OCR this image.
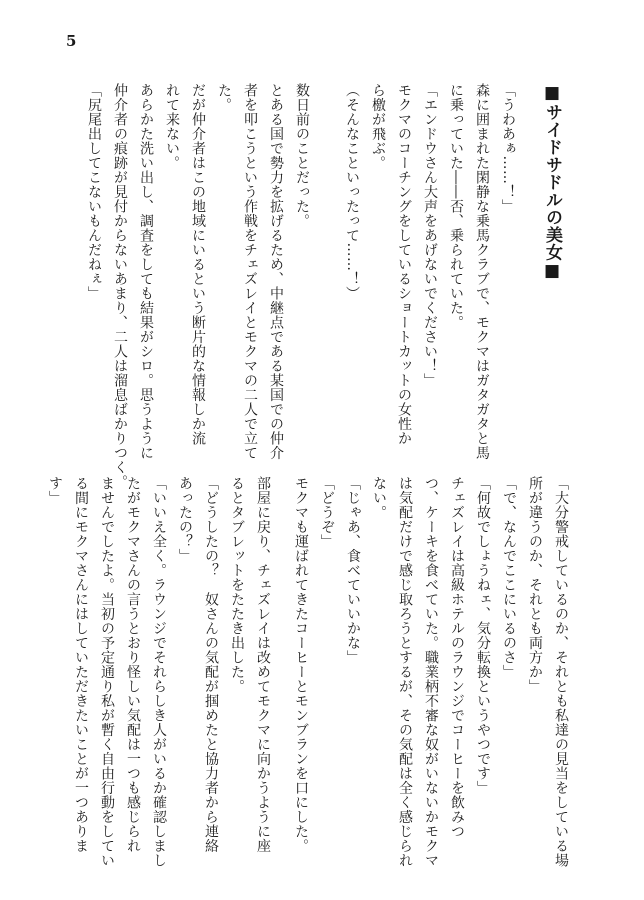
5
■サイドサドルの美女■
「うわあぁ……！」
森に囲まれた閑静な乗馬クラブで、モクマはガタガタと馬
に乗っていた――否、乗られていた。
「エンドウさん大声をあげないでください！」
モクマのコーチングをしているショートカットの女性か
ら檄が飛ぶ。
（そんなこといったって……！）
数日前のことだった。
とある国で勢力を拡げるため、中継点である某国での仲介
者を叩こうという作戦をチェズレイとモクマの二人で立て
た。
だが仲介者はこの地域にいるという断片的な情報しか流
れて来ない。
あらかた洗い出し、調査をしても結果がシロ。思うように
仲介者の痕跡が見付からないあまり、二人は溜息ばかりつく。
「尻尾出してこないもんだねぇ」
「大分警戒しているのか、それとも私達の見当をしている場
所が違うのか、それとも両方か」
「で、なんでここにいるのさ」
「何故でしょうねェ、気分転換というやつです」
チェズレイは高級ホテルのラウンジでコーヒーを飲みつ
つ、ケーキを食べていた。職業柄不審な奴がいないかモクマ
は気配だけで感じ取ろうとするが、その気配は全く感じられ
ない。
「じゃあ、食べていいかな」
「どうぞ」
モクマも運ばれてきたコーヒーとモンブランを口にした。
部屋に戻り、チェズレイは改めてモクマに向かうように座
るとタブレットをたたき出した。
「どうしたの？　奴さんの気配が掴めたと協力者から連絡
あったの？」
「いいえ全く。ラウンジでそれらしき人がいるか確認しまし
たがモクマさんの言うとおり怪しい気配は一つも感じられ
ませんでしたよ。当初の予定通り私が暫く自由行動をしてい
る間にモクマさんにはしていただきたいことが一つありま
す」
